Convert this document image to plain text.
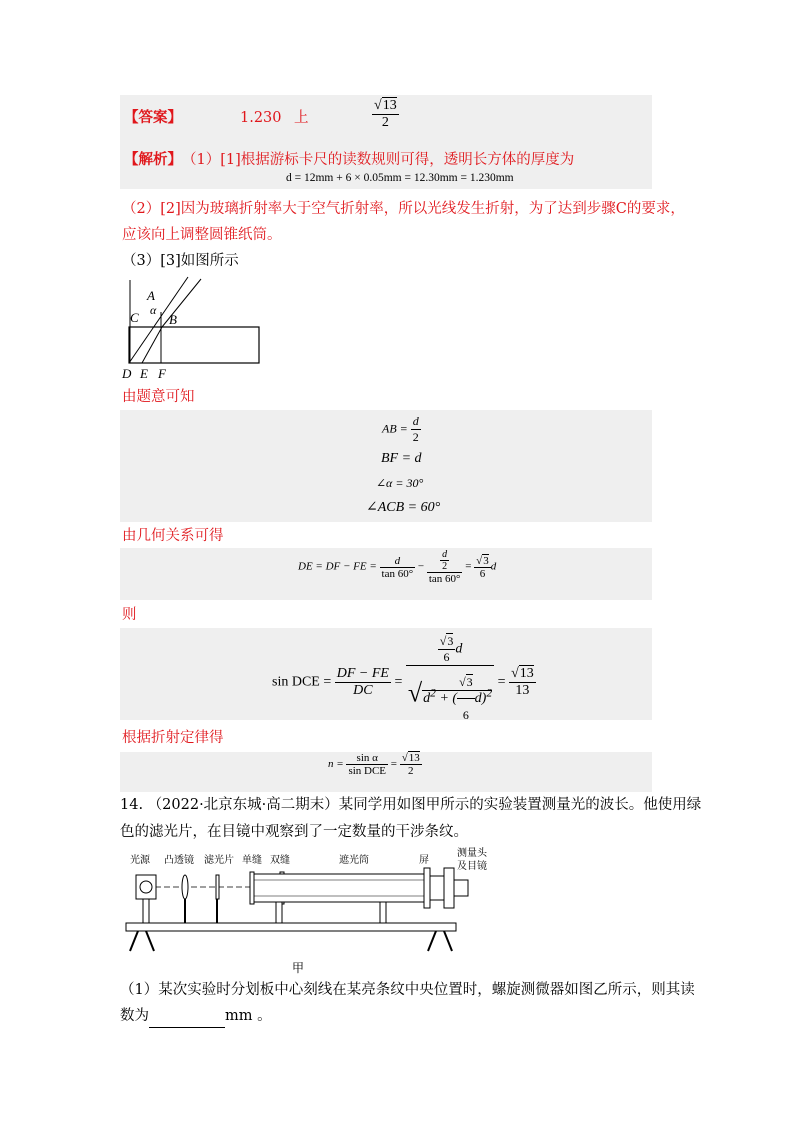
【答案】	1.230 上	$\frac{√13}{2}$
【解析】 （1）[1]根据游标卡尺的读数规则可得，透明长方体的厚度为
d = 12mm + 6 × 0.05mm = 12.30mm = 1.230mm
（2）[2]因为玻璃折射率大于空气折射率，所以光线发生折射，为了达到步骤C的要求，
应该向上调整圆锥纸筒。
（3）[3]如图所示
A
α
C B
D E F
由题意可知
AB = $\frac{d}{2}$
BF = d
∠α = 30°
∠ACB = 60°
由几何关系可得
DE = DF − FE = $\frac{d}{\tan 60^\circ} - \frac{\frac{d}{2}}{\tan 60^\circ} = \frac{√3}{6}$ d
则
sin DCE = $\frac{DF - FE}{DC} = \frac{\frac{√3}{6} d}{√d^2 + ( \frac{√3}{6} d)^2} = \frac{√13}{13}$
根据折射定律得
$n = \frac{\text{sin α}}{\text{sin DCE}} = \frac{√13}{2}$
14. （2022·北京东城·高二期末）某同学用如图甲所示的实验装置测量光的波长。他使用绿
色的滤光片，在目镜中观察到了一定数量的干涉条纹。
光源 凸透镜 滤光片 单缝 双缝	遮光筒	屏
测量头
及目镜
甲
（1）某次实验时分划板中心刻线在某亮条纹中央位置时，螺旋测微器如图乙所示，则其读
数为	mm 。
